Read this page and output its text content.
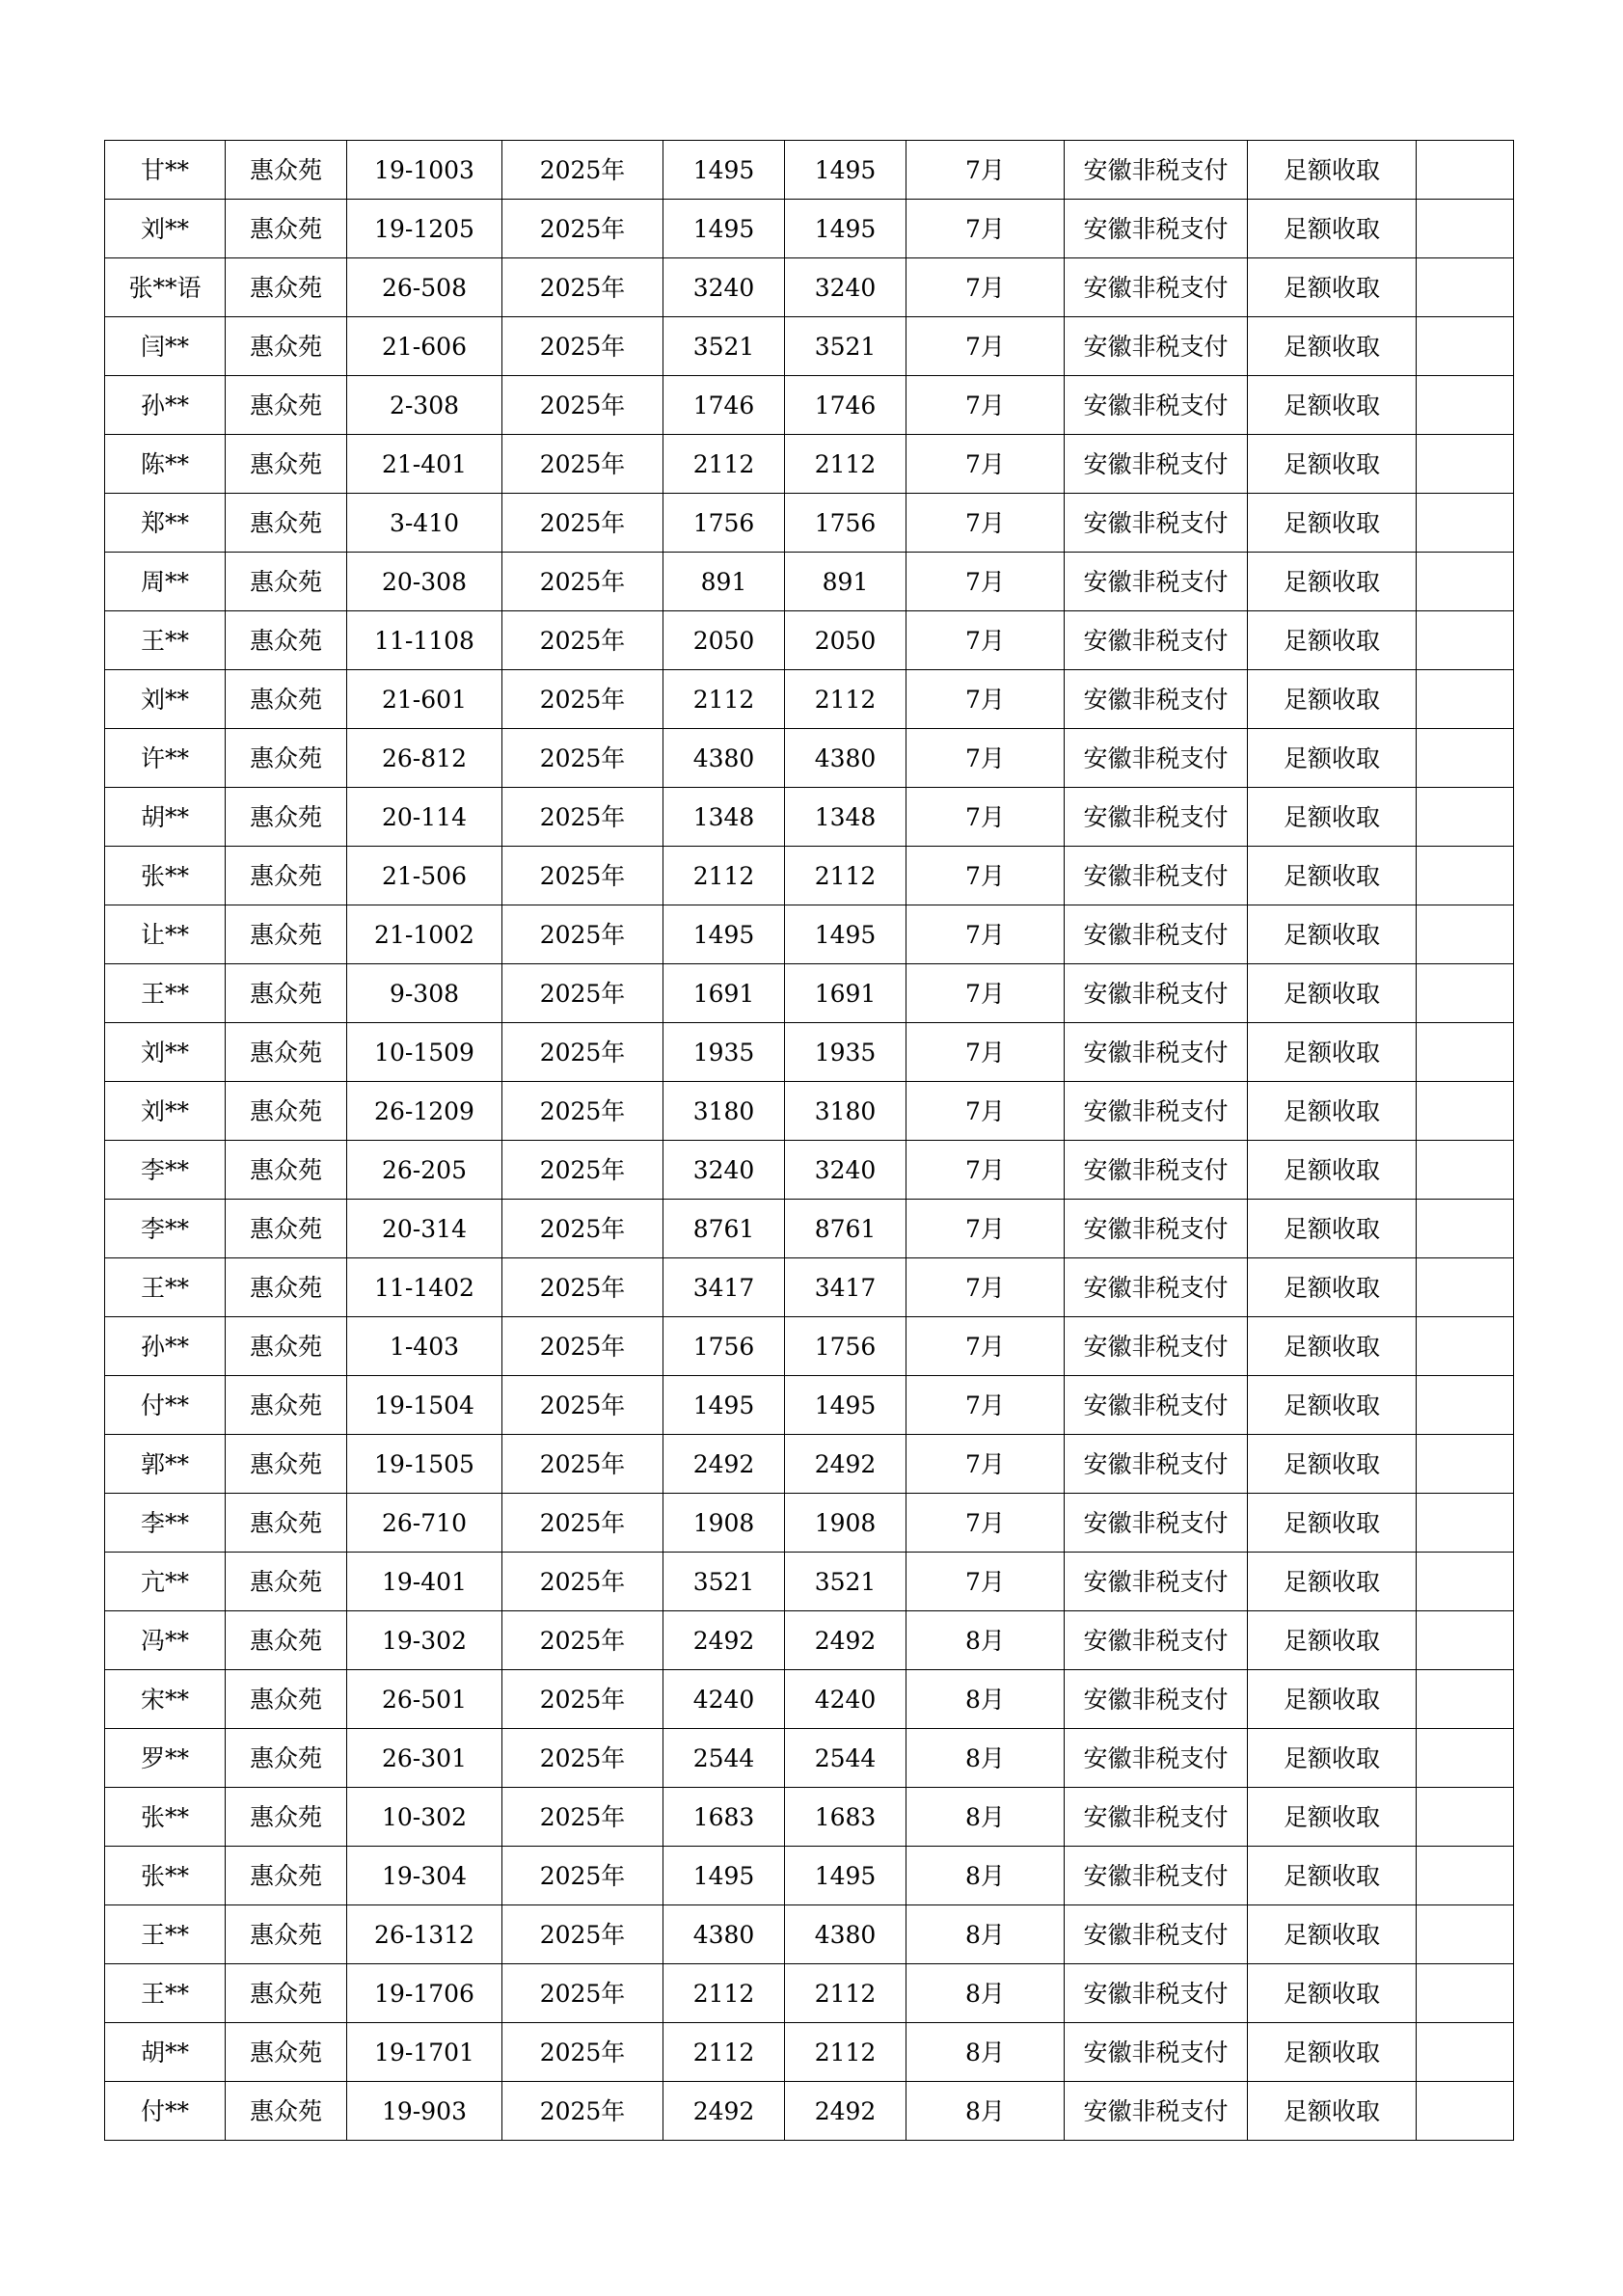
甘**	惠众苑	19-1003	2025年	1495	1495	7月	安徽非税支付	足额收取	
刘**	惠众苑	19-1205	2025年	1495	1495	7月	安徽非税支付	足额收取	
张**语	惠众苑	26-508	2025年	3240	3240	7月	安徽非税支付	足额收取	
闫**	惠众苑	21-606	2025年	3521	3521	7月	安徽非税支付	足额收取	
孙**	惠众苑	2-308	2025年	1746	1746	7月	安徽非税支付	足额收取	
陈**	惠众苑	21-401	2025年	2112	2112	7月	安徽非税支付	足额收取	
郑**	惠众苑	3-410	2025年	1756	1756	7月	安徽非税支付	足额收取	
周**	惠众苑	20-308	2025年	891	891	7月	安徽非税支付	足额收取	
王**	惠众苑	11-1108	2025年	2050	2050	7月	安徽非税支付	足额收取	
刘**	惠众苑	21-601	2025年	2112	2112	7月	安徽非税支付	足额收取	
许**	惠众苑	26-812	2025年	4380	4380	7月	安徽非税支付	足额收取	
胡**	惠众苑	20-114	2025年	1348	1348	7月	安徽非税支付	足额收取	
张**	惠众苑	21-506	2025年	2112	2112	7月	安徽非税支付	足额收取	
让**	惠众苑	21-1002	2025年	1495	1495	7月	安徽非税支付	足额收取	
王**	惠众苑	9-308	2025年	1691	1691	7月	安徽非税支付	足额收取	
刘**	惠众苑	10-1509	2025年	1935	1935	7月	安徽非税支付	足额收取	
刘**	惠众苑	26-1209	2025年	3180	3180	7月	安徽非税支付	足额收取	
李**	惠众苑	26-205	2025年	3240	3240	7月	安徽非税支付	足额收取	
李**	惠众苑	20-314	2025年	8761	8761	7月	安徽非税支付	足额收取	
王**	惠众苑	11-1402	2025年	3417	3417	7月	安徽非税支付	足额收取	
孙**	惠众苑	1-403	2025年	1756	1756	7月	安徽非税支付	足额收取	
付**	惠众苑	19-1504	2025年	1495	1495	7月	安徽非税支付	足额收取	
郭**	惠众苑	19-1505	2025年	2492	2492	7月	安徽非税支付	足额收取	
李**	惠众苑	26-710	2025年	1908	1908	7月	安徽非税支付	足额收取	
亢**	惠众苑	19-401	2025年	3521	3521	7月	安徽非税支付	足额收取	
冯**	惠众苑	19-302	2025年	2492	2492	8月	安徽非税支付	足额收取	
宋**	惠众苑	26-501	2025年	4240	4240	8月	安徽非税支付	足额收取	
罗**	惠众苑	26-301	2025年	2544	2544	8月	安徽非税支付	足额收取	
张**	惠众苑	10-302	2025年	1683	1683	8月	安徽非税支付	足额收取	
张**	惠众苑	19-304	2025年	1495	1495	8月	安徽非税支付	足额收取	
王**	惠众苑	26-1312	2025年	4380	4380	8月	安徽非税支付	足额收取	
王**	惠众苑	19-1706	2025年	2112	2112	8月	安徽非税支付	足额收取	
胡**	惠众苑	19-1701	2025年	2112	2112	8月	安徽非税支付	足额收取	
付**	惠众苑	19-903	2025年	2492	2492	8月	安徽非税支付	足额收取	
